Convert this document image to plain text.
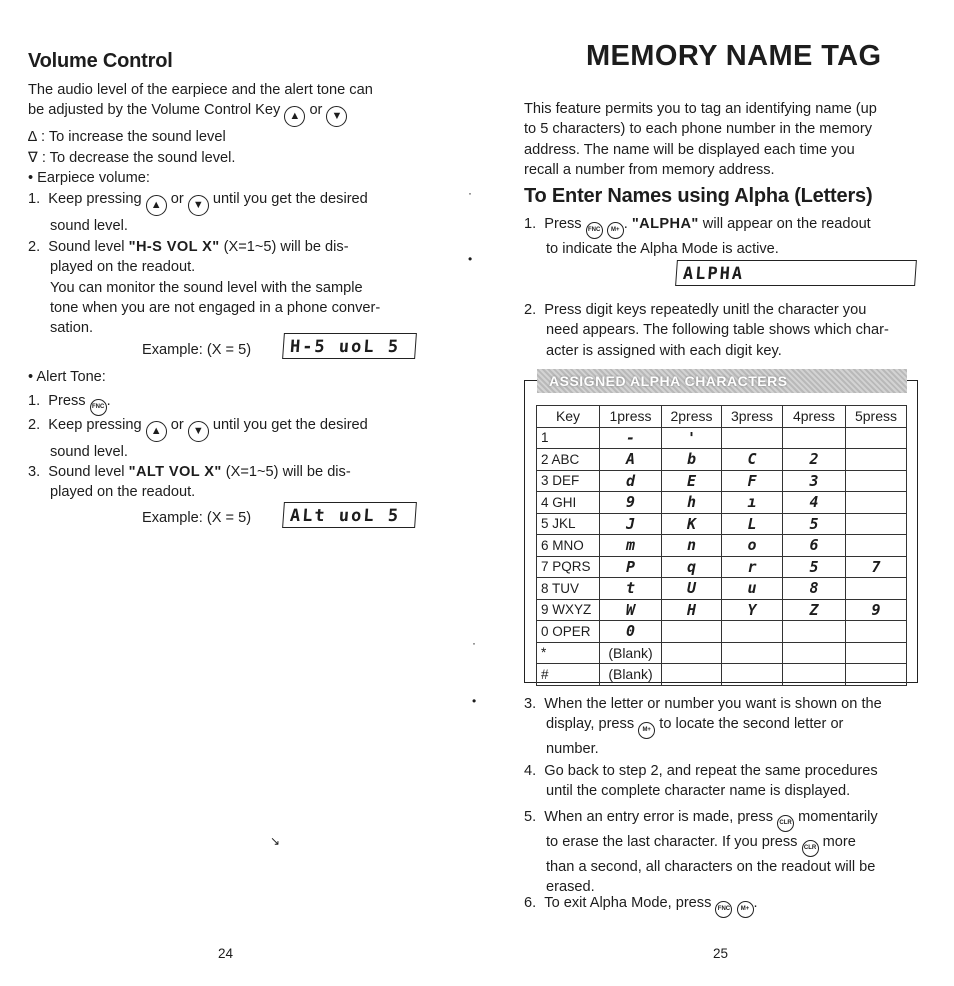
Volume Control

The audio level of the earpiece and the alert tone can

be adjusted by the Volume Control Key ▲ or ▼

∆ : To increase the sound level

∇ : To decrease the sound level.

• Earpiece volume:

1. Keep pressing ▲ or ▼ until you get the desired

sound level.

2. Sound level "H-S VOL X" (X=1~5) will be dis-

played on the readout.

You can monitor the sound level with the sample

tone when you are not engaged in a phone conver-

sation.

Example: (X = 5)	H-5 uoL 5

• Alert Tone:

1. Press FNC .

2. Keep pressing ▲ or ▼ until you get the desired

sound level.

3. Sound level "ALT VOL X" (X=1~5) will be dis-

played on the readout.

Example: (X = 5)	ALt uoL 5
24
·
•
·
•
↘
MEMORY NAME TAG

This feature permits you to tag an identifying name (up

to 5 characters) to each phone number in the memory

address. The name will be displayed each time you

recall a number from memory address.

To Enter Names using Alpha (Letters)

1. Press FNC M+ . "ALPHA" will appear on the readout

to indicate the Alpha Mode is active.

ALPHA

2. Press digit keys repeatedly unitl the character you

need appears. The following table shows which char-

acter is assigned with each digit key.

ASSIGNED ALPHA CHARACTERS
Key	1press	2press	3press	4press	5press
1	-	'			
2 ABC	A	b	C	2	
3 DEF	d	E	F	3	
4 GHI	9	h	ı	4	
5 JKL	J	K	L	5	
6 MNO	m	n	o	6	
7 PQRS	P	q	r	5	7
8 TUV	t	U	u	8	
9 WXYZ	W	H	Y	Z	9
0 OPER	0				
*	(Blank)				
#	(Blank)				

3. When the letter or number you want is shown on the

display, press M+ to locate the second letter or

number.

4. Go back to step 2, and repeat the same procedures

until the complete character name is displayed.

5. When an entry error is made, press CLR momentarily

to erase the last character. If you press CLR more

than a second, all characters on the readout will be

erased.

6. To exit Alpha Mode, press FNC M+ .

25
